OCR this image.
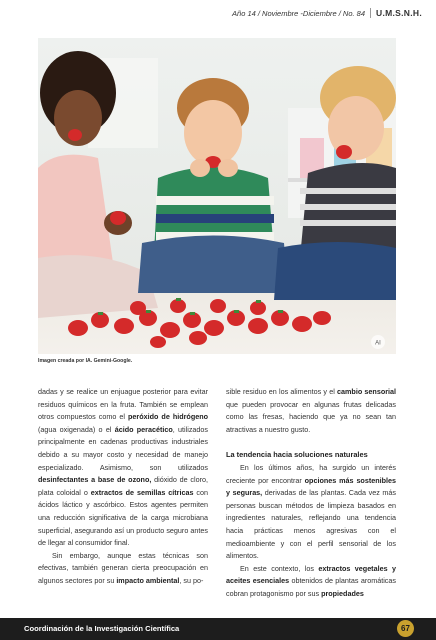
Año 14 / Noviembre -Diciembre / No. 84	U.M.S.N.H.
AI
Imagen creada por IA. Gemini-Google.

dadas y se realice un enjuague posterior para evitar residuos químicos en la fruta. También se emplean otros compuestos como el peróxido de hidrógeno (agua oxigenada) o el ácido peracético, utilizados principalmente en cadenas productivas industriales debido a su mayor costo y necesidad de manejo especializado. Asimismo, son utilizados desinfectantes a base de ozono, dióxido de cloro, plata coloidal o extractos de semillas cítricas con ácidos láctico y ascórbico. Estos agentes permiten una reducción significativa de la carga microbiana superficial, asegurando así un producto seguro antes de llegar al consumidor final.

Sin embargo, aunque estas técnicas son efectivas, también generan cierta preocupación en algunos sectores por su impacto ambiental, su po-

sible residuo en los alimentos y el cambio sensorial que pueden provocar en algunas frutas delicadas como las fresas, haciendo que ya no sean tan atractivas a nuestro gusto.

La tendencia hacia soluciones naturales

En los últimos años, ha surgido un interés creciente por encontrar opciones más sostenibles y seguras, derivadas de las plantas. Cada vez más personas buscan métodos de limpieza basados en ingredientes naturales, reflejando una tendencia hacia prácticas menos agresivas con el medioambiente y con el perfil sensorial de los alimentos.

En este contexto, los extractos vegetales y aceites esenciales obtenidos de plantas aromáticas cobran protagonismo por sus propiedades

Coordinación de la Investigación Científica	67
